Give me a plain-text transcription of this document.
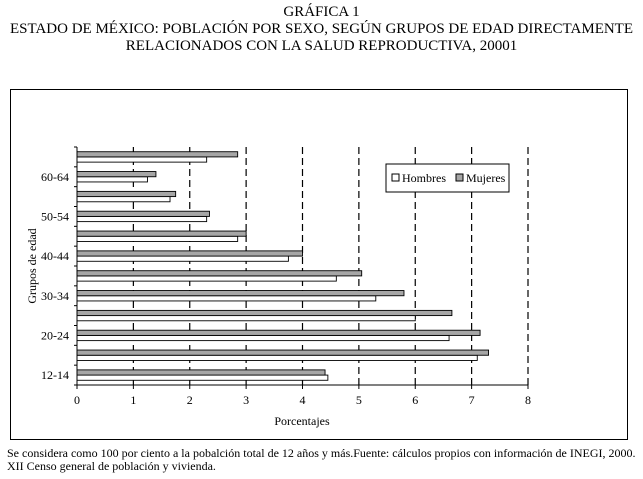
GRÁFICA 1
ESTADO DE MÉXICO: POBLACIÓN POR SEXO, SEGÚN GRUPOS DE EDAD DIRECTAMENTE
RELACIONADOS CON LA SALUD REPRODUCTIVA, 20001
12-14
20-24
30-34
40-44
50-54
60-64
0	1	2	3	4	5	6	7	8
Porcentajes
Grupos de edad
Hombres Mujeres
Se considera como 100 por ciento a la pobalción total de 12 años y más.Fuente: cálculos propios con información de INEGI, 2000.
XII Censo general de población y vivienda.
